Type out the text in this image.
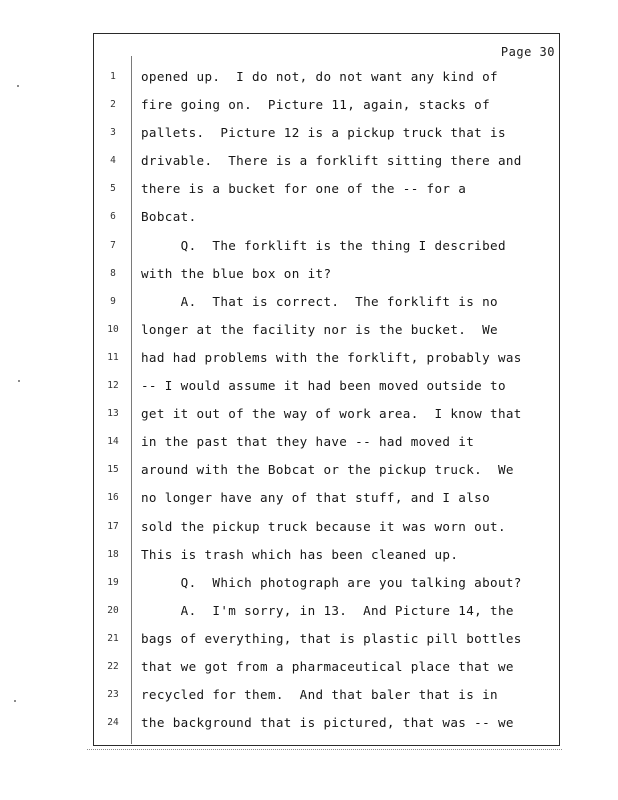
Page 30
1	opened up.  I do not, do not want any kind of
2	fire going on.  Picture 11, again, stacks of
3	pallets.  Picture 12 is a pickup truck that is
4	drivable.  There is a forklift sitting there and
5	there is a bucket for one of the -- for a
6	Bobcat.
7	Q.  The forklift is the thing I described
8	with the blue box on it?
9	A.  That is correct.  The forklift is no
10	longer at the facility nor is the bucket.  We
11	had had problems with the forklift, probably was
12	-- I would assume it had been moved outside to
13	get it out of the way of work area.  I know that
14	in the past that they have -- had moved it
15	around with the Bobcat or the pickup truck.  We
16	no longer have any of that stuff, and I also
17	sold the pickup truck because it was worn out.
18	This is trash which has been cleaned up.
19	Q.  Which photograph are you talking about?
20	A.  I'm sorry, in 13.  And Picture 14, the
21	bags of everything, that is plastic pill bottles
22	that we got from a pharmaceutical place that we
23	recycled for them.  And that baler that is in
24	the background that is pictured, that was -- we
